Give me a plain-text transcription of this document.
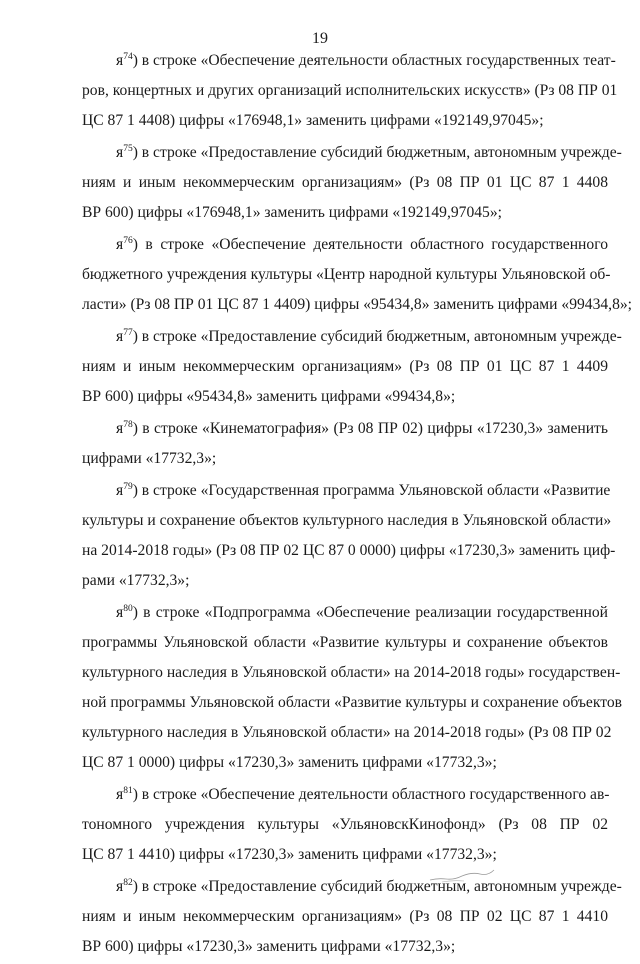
19

$я^{74}$) в строке «Обеспечение деятельности областных государственных теат-
ров, концертных и других организаций исполнительских искусств» (Рз 08 ПР 01
ЦС 87 1 4408) цифры «176948,1» заменить цифрами «192149,97045»;

$я^{75}$) в строке «Предоставление субсидий бюджетным, автономным учрежде-
ниям и иным некоммерческим организациям» (Рз 08 ПР 01 ЦС 87 1 4408
ВР 600) цифры «176948,1» заменить цифрами «192149,97045»;

$я^{76}$) в строке «Обеспечение деятельности областного государственного
бюджетного учреждения культуры «Центр народной культуры Ульяновской об-
ласти» (Рз 08 ПР 01 ЦС 87 1 4409) цифры «95434,8» заменить цифрами «99434,8»;

$я^{77}$) в строке «Предоставление субсидий бюджетным, автономным учрежде-
ниям и иным некоммерческим организациям» (Рз 08 ПР 01 ЦС 87 1 4409
ВР 600) цифры «95434,8» заменить цифрами «99434,8»;

$я^{78}$) в строке «Кинематография» (Рз 08 ПР 02) цифры «17230,3» заменить
цифрами «17732,3»;

$я^{79}$) в строке «Государственная программа Ульяновской области «Развитие
культуры и сохранение объектов культурного наследия в Ульяновской области»
на 2014-2018 годы» (Рз 08 ПР 02 ЦС 87 0 0000) цифры «17230,3» заменить циф-
рами «17732,3»;

$я^{80}$) в строке «Подпрограмма «Обеспечение реализации государственной
программы Ульяновской области «Развитие культуры и сохранение объектов
культурного наследия в Ульяновской области» на 2014-2018 годы» государствен-
ной программы Ульяновской области «Развитие культуры и сохранение объектов
культурного наследия в Ульяновской области» на 2014-2018 годы» (Рз 08 ПР 02
ЦС 87 1 0000) цифры «17230,3» заменить цифрами «17732,3»;

$я^{81}$) в строке «Обеспечение деятельности областного государственного ав-
тономного учреждения культуры «УльяновскКинофонд» (Рз 08 ПР 02
ЦС 87 1 4410) цифры «17230,3» заменить цифрами «17732,3»;

$я^{82}$) в строке «Предоставление субсидий бюджетным, автономным учрежде-
ниям и иным некоммерческим организациям» (Рз 08 ПР 02 ЦС 87 1 4410
ВР 600) цифры «17230,3» заменить цифрами «17732,3»;
